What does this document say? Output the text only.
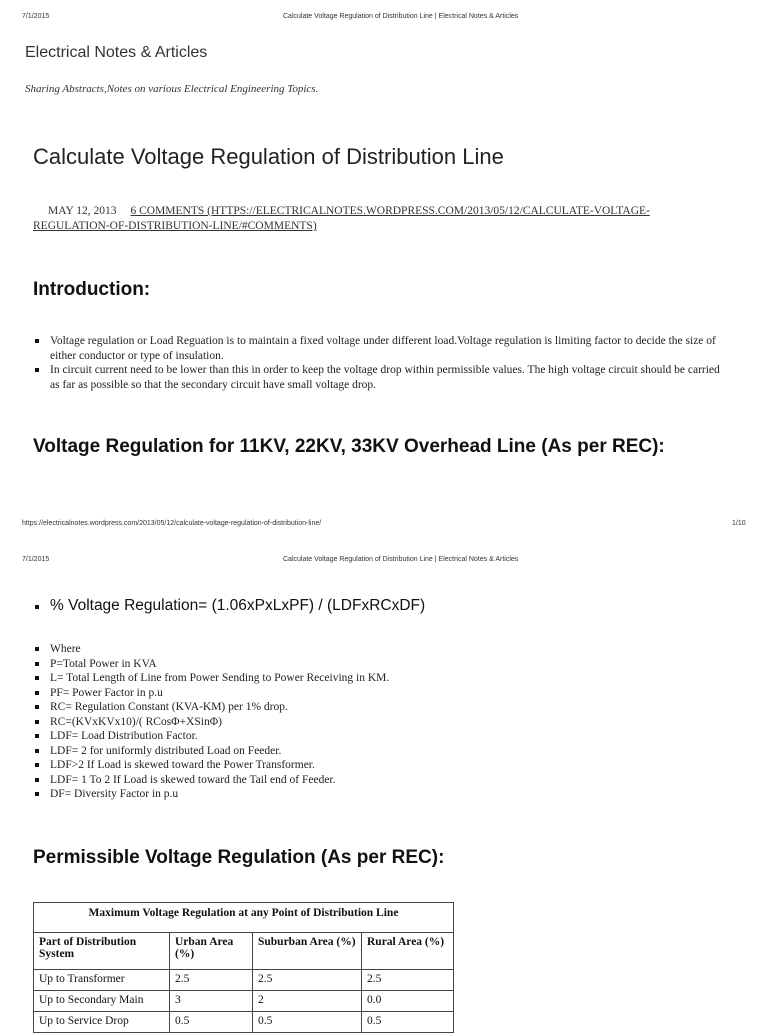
7/1/2015	Calculate Voltage Regulation of Distribution Line | Electrical Notes & Articles
Electrical Notes & Articles
Sharing Abstracts,Notes on various Electrical Engineering Topics.
Calculate Voltage Regulation of Distribution Line
MAY 12, 2013 6 COMMENTS (HTTPS://ELECTRICALNOTES.WORDPRESS.COM/2013/05/12/CALCULATE-VOLTAGE-REGULATION-OF-DISTRIBUTION-LINE/#COMMENTS)
Introduction:
Voltage regulation or Load Reguation is to maintain a fixed voltage under different load.Voltage regulation is limiting factor to decide the size of either conductor or type of insulation.
In circuit current need to be lower than this in order to keep the voltage drop within permissible values. The high voltage circuit should be carried as far as possible so that the secondary circuit have small voltage drop.
Voltage Regulation for 11KV, 22KV, 33KV Overhead Line (As per REC):
https://electricalnotes.wordpress.com/2013/05/12/calculate-voltage-regulation-of-distribution-line/	1/10
7/1/2015	Calculate Voltage Regulation of Distribution Line | Electrical Notes & Articles
% Voltage Regulation= (1.06xPxLxPF) / (LDFxRCxDF)
Where
P=Total Power in KVA
L= Total Length of Line from Power Sending to Power Receiving in KM.
PF= Power Factor in p.u
RC= Regulation Constant (KVA-KM) per 1% drop.
RC=(KVxKVx10)/( RCosΦ+XSinΦ)
LDF= Load Distribution Factor.
LDF= 2 for uniformly distributed Load on Feeder.
LDF>2 If Load is skewed toward the Power Transformer.
LDF= 1 To 2 If Load is skewed toward the Tail end of Feeder.
DF= Diversity Factor in p.u
Permissible Voltage Regulation (As per REC):
Maximum Voltage Regulation at any Point of Distribution Line			
Part of Distribution System	Urban Area (%)	Suburban Area (%)	Rural Area (%)
Up to Transformer	2.5	2.5	2.5
Up to Secondary Main	3	2	0.0
Up to Service Drop	0.5	0.5	0.5
